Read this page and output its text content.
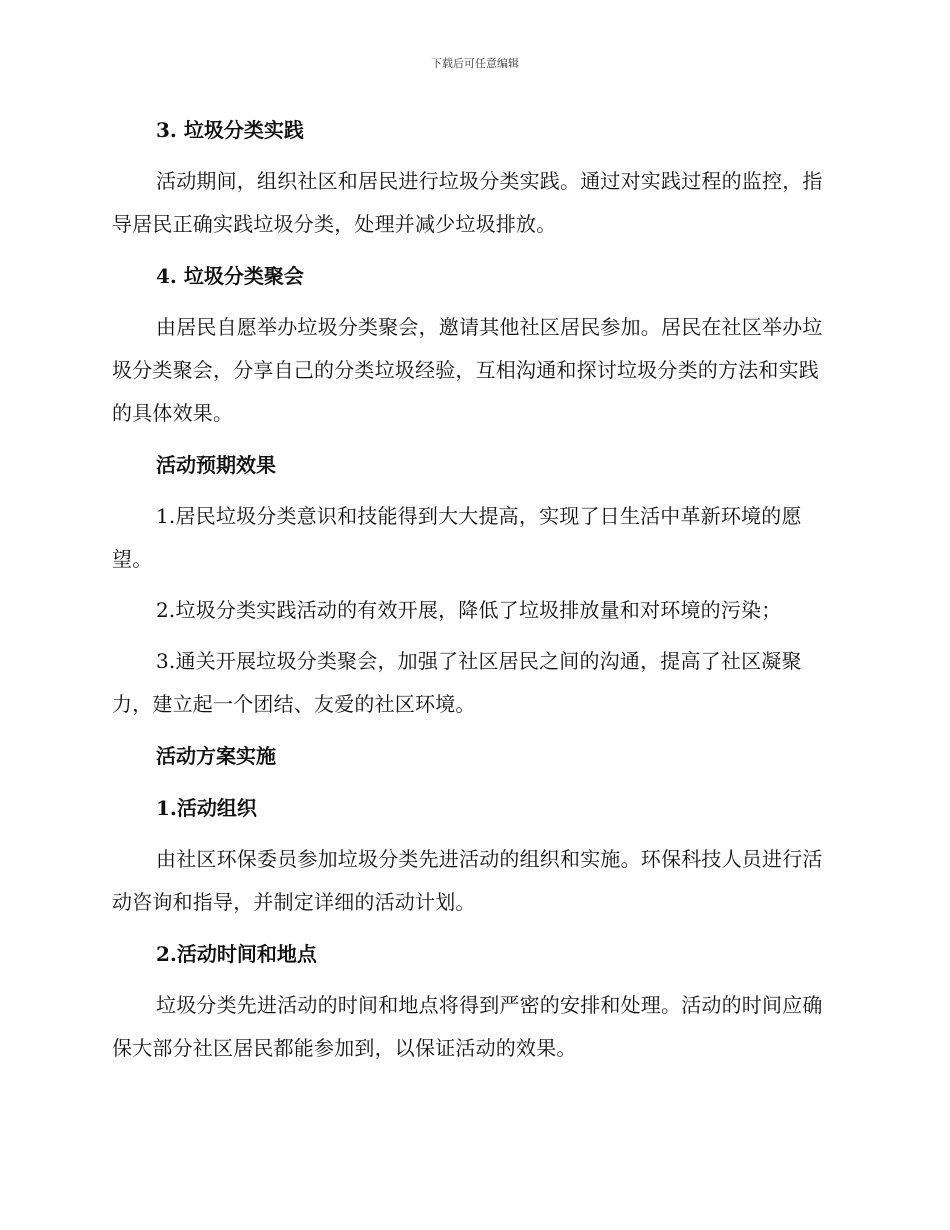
下载后可任意编辑
3. 垃圾分类实践
活动期间，组织社区和居民进行垃圾分类实践。通过对实践过程的监控，指导居民正确实践垃圾分类，处理并减少垃圾排放。
4. 垃圾分类聚会
由居民自愿举办垃圾分类聚会，邀请其他社区居民参加。居民在社区举办垃圾分类聚会，分享自己的分类垃圾经验，互相沟通和探讨垃圾分类的方法和实践的具体效果。
活动预期效果
1.居民垃圾分类意识和技能得到大大提高，实现了日生活中革新环境的愿望。
2.垃圾分类实践活动的有效开展，降低了垃圾排放量和对环境的污染；
3.通关开展垃圾分类聚会，加强了社区居民之间的沟通，提高了社区凝聚力，建立起一个团结、友爱的社区环境。
活动方案实施
1.活动组织
由社区环保委员参加垃圾分类先进活动的组织和实施。环保科技人员进行活动咨询和指导，并制定详细的活动计划。
2.活动时间和地点
垃圾分类先进活动的时间和地点将得到严密的安排和处理。活动的时间应确保大部分社区居民都能参加到，以保证活动的效果。
